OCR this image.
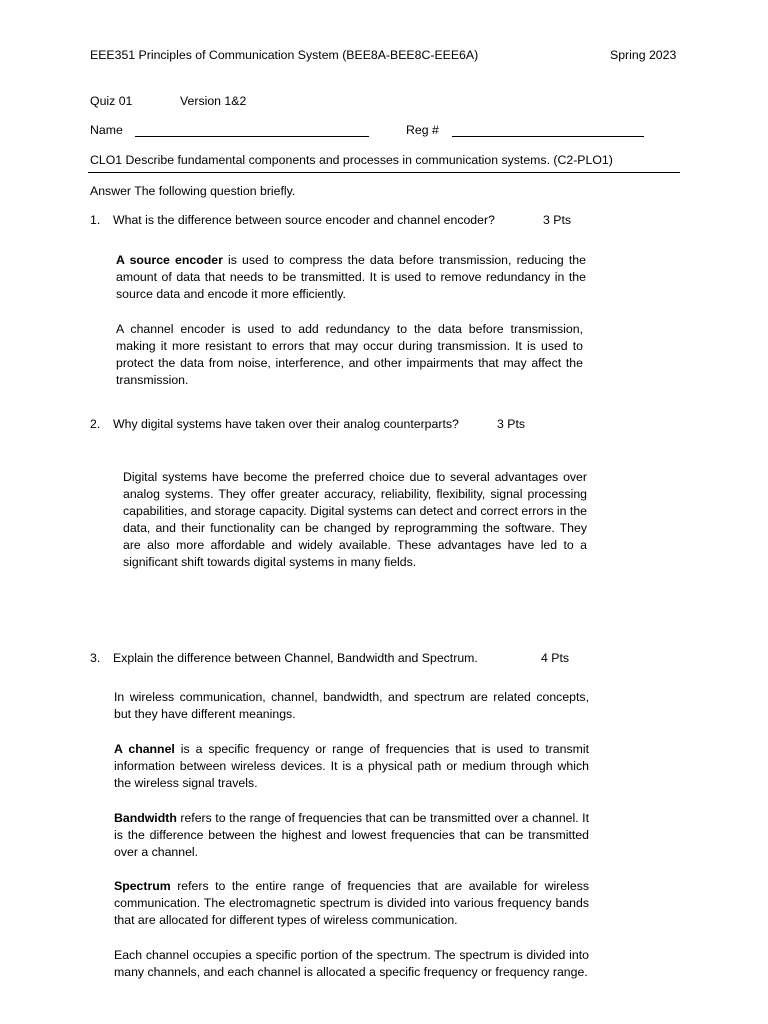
EEE351 Principles of Communication System (BEE8A-BEE8C-EEE6A)	Spring 2023
Quiz 01	Version 1&2
Name	Reg #
CLO1 Describe fundamental components and processes in communication systems. (C2-PLO1)
Answer The following question briefly.
1. What is the difference between source encoder and channel encoder?	3 Pts

A source encoder is used to compress the data before transmission, reducing the amount of data that needs to be transmitted. It is used to remove redundancy in the source data and encode it more efficiently.

A channel encoder is used to add redundancy to the data before transmission, making it more resistant to errors that may occur during transmission. It is used to protect the data from noise, interference, and other impairments that may affect the transmission.

2. Why digital systems have taken over their analog counterparts?	3 Pts

Digital systems have become the preferred choice due to several advantages over analog systems. They offer greater accuracy, reliability, flexibility, signal processing capabilities, and storage capacity. Digital systems can detect and correct errors in the data, and their functionality can be changed by reprogramming the software. They are also more affordable and widely available. These advantages have led to a significant shift towards digital systems in many fields.

3. Explain the difference between Channel, Bandwidth and Spectrum.	4 Pts

In wireless communication, channel, bandwidth, and spectrum are related concepts, but they have different meanings.

A channel is a specific frequency or range of frequencies that is used to transmit information between wireless devices. It is a physical path or medium through which the wireless signal travels.

Bandwidth refers to the range of frequencies that can be transmitted over a channel. It is the difference between the highest and lowest frequencies that can be transmitted over a channel.

Spectrum refers to the entire range of frequencies that are available for wireless communication. The electromagnetic spectrum is divided into various frequency bands that are allocated for different types of wireless communication.

Each channel occupies a specific portion of the spectrum. The spectrum is divided into many channels, and each channel is allocated a specific frequency or frequency range.
